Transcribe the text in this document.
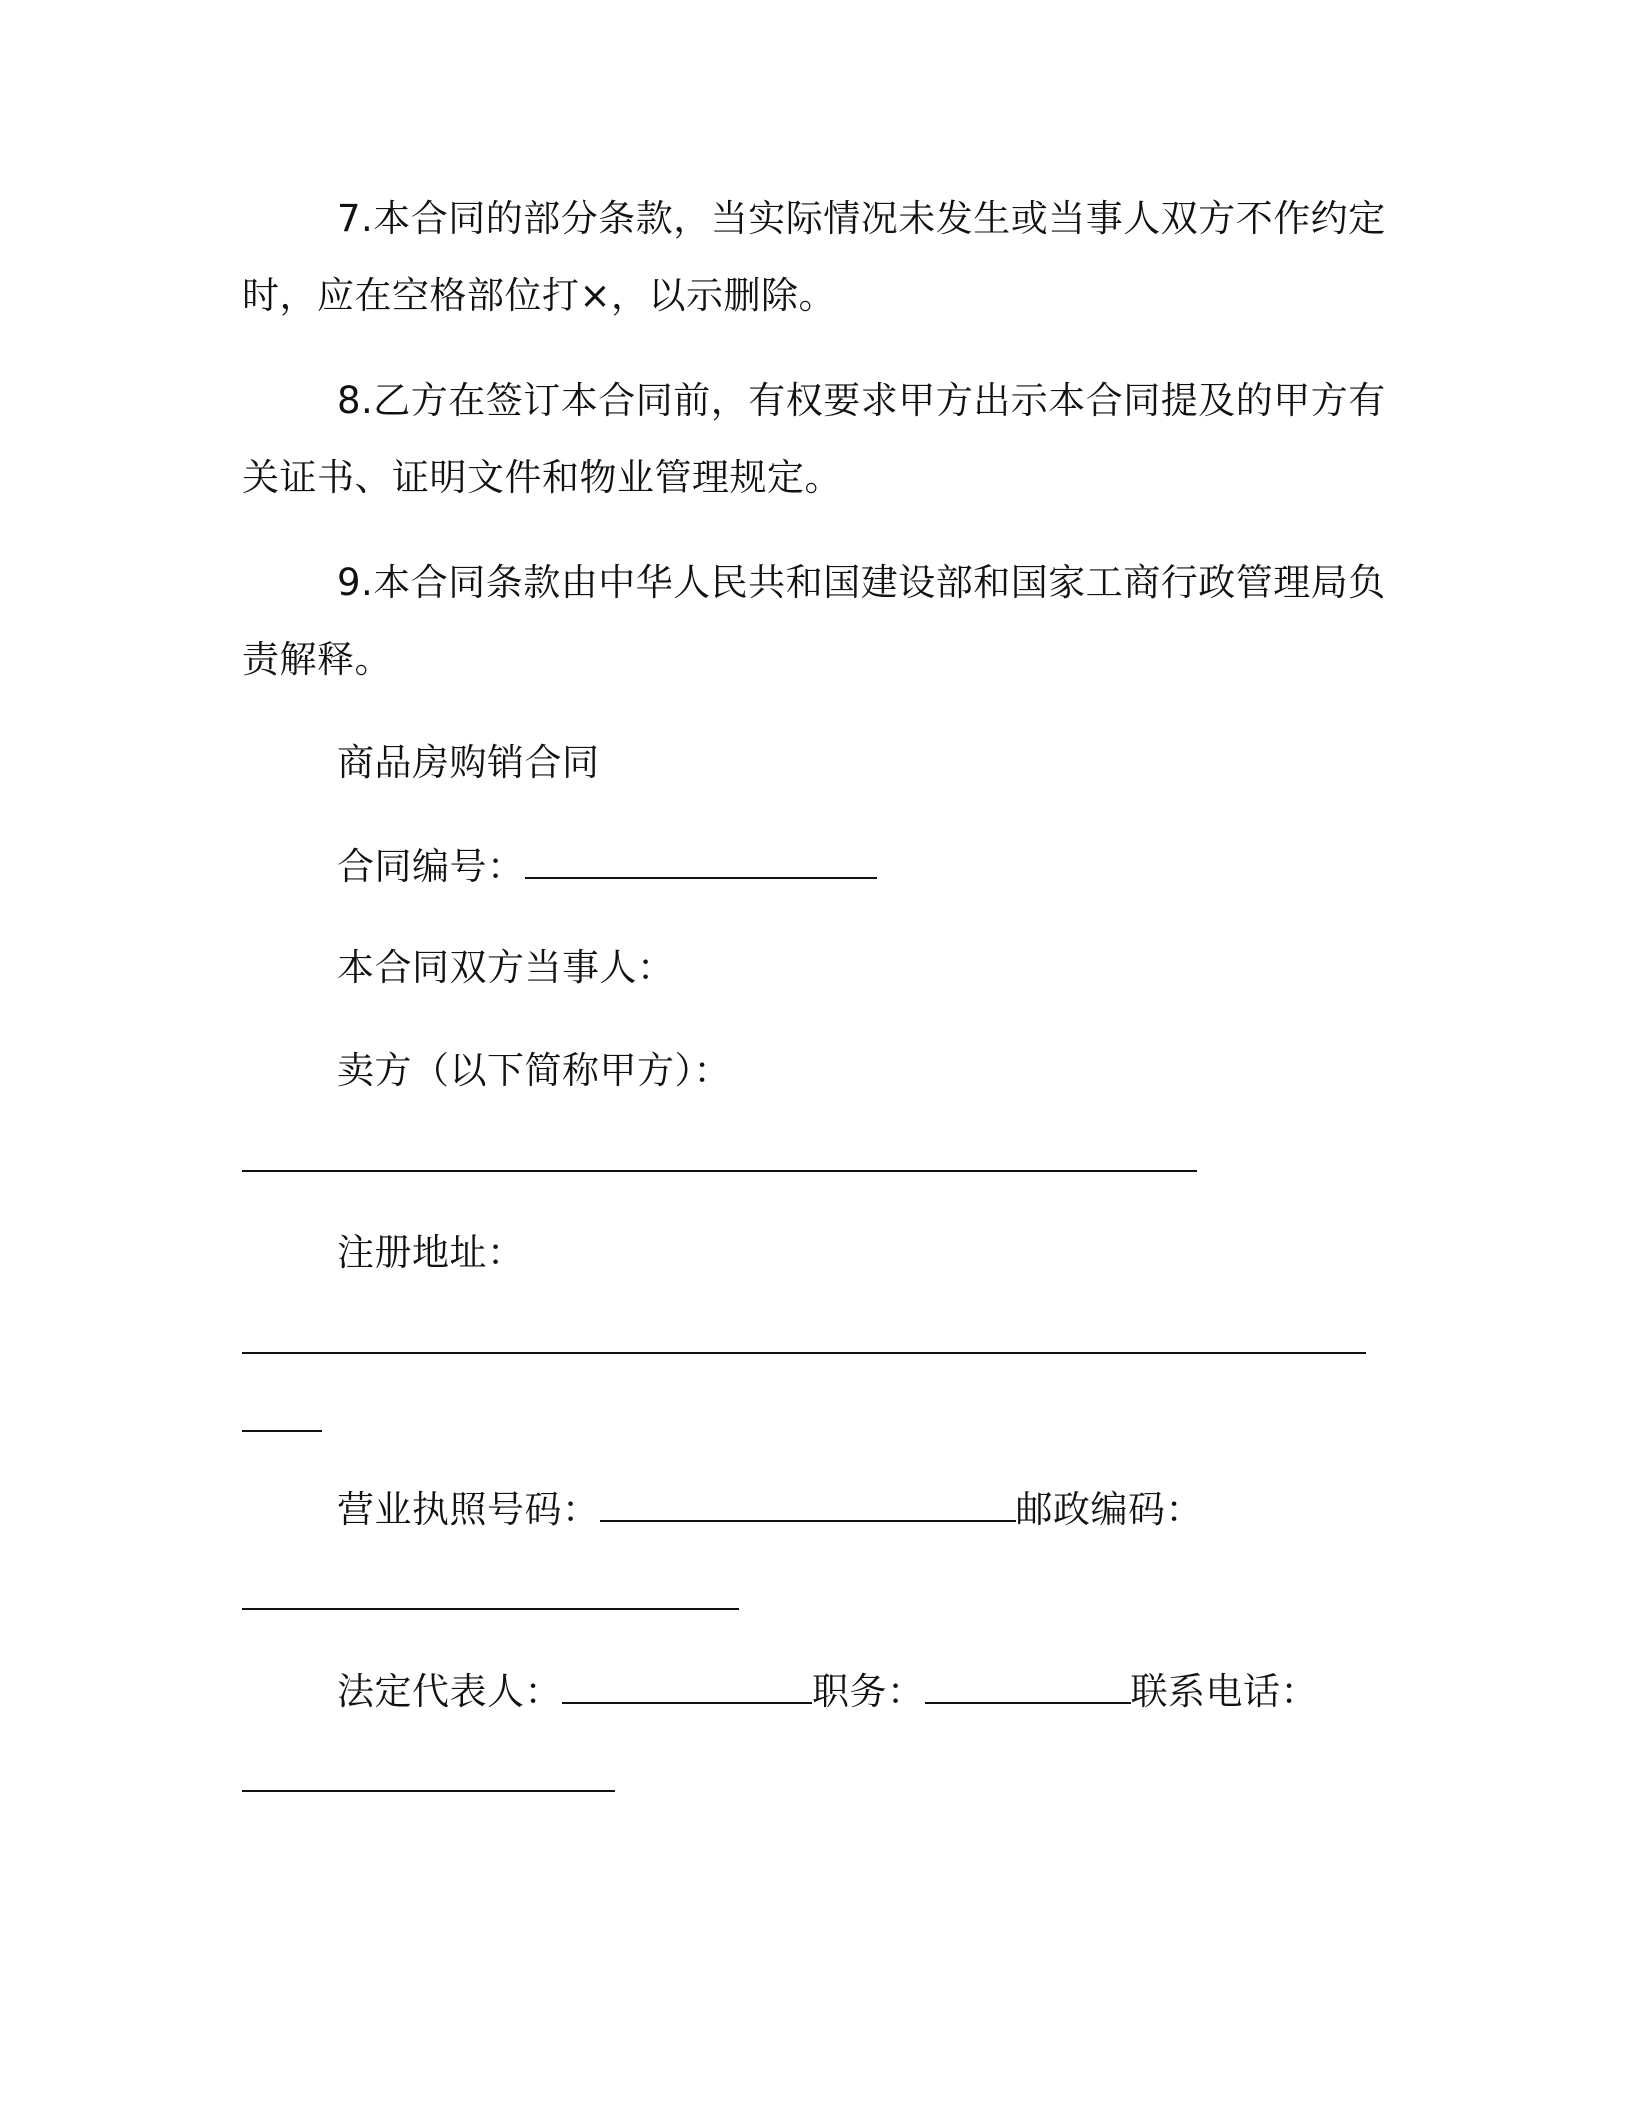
7.本合同的部分条款，当实际情况未发生或当事人双方不作约定
时，应在空格部位打×，以示删除。
8.乙方在签订本合同前，有权要求甲方出示本合同提及的甲方有
关证书、证明文件和物业管理规定。
9.本合同条款由中华人民共和国建设部和国家工商行政管理局负
责解释。
商品房购销合同
合同编号：
本合同双方当事人：
卖方（以下简称甲方）：
注册地址：
营业执照号码：	邮政编码：
法定代表人：	职务：	联系电话：
